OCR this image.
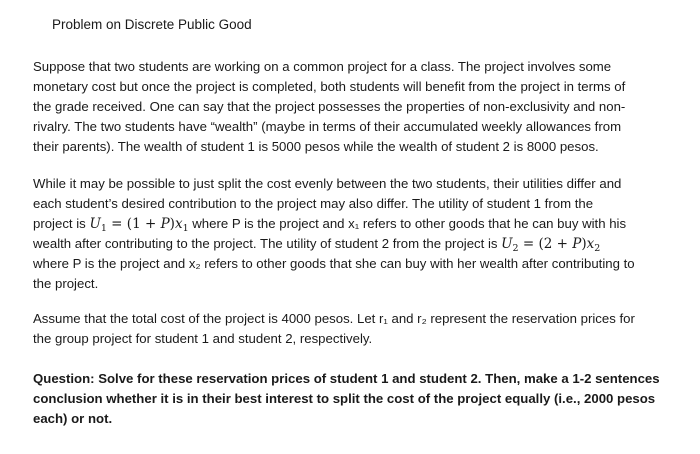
Problem on Discrete Public Good
Suppose that two students are working on a common project for a class. The project involves some
monetary cost but once the project is completed, both students will benefit from the project in terms of
the grade received. One can say that the project possesses the properties of non-exclusivity and non-
rivalry. The two students have “wealth” (maybe in terms of their accumulated weekly allowances from
their parents). The wealth of student 1 is 5000 pesos while the wealth of student 2 is 8000 pesos.
While it may be possible to just split the cost evenly between the two students, their utilities differ and
each student’s desired contribution to the project may also differ. The utility of student 1 from the
project is $U_1 = (1 + P)x_1$ where P is the project and x₁ refers to other goods that he can buy with his
wealth after contributing to the project. The utility of student 2 from the project is $U_2 = (2 + P)x_2$
where P is the project and x₂ refers to other goods that she can buy with her wealth after contributing to
the project.
Assume that the total cost of the project is 4000 pesos. Let r₁ and r₂ represent the reservation prices for
the group project for student 1 and student 2, respectively.
Question: Solve for these reservation prices of student 1 and student 2. Then, make a 1-2 sentences
conclusion whether it is in their best interest to split the cost of the project equally (i.e., 2000 pesos
each) or not.
